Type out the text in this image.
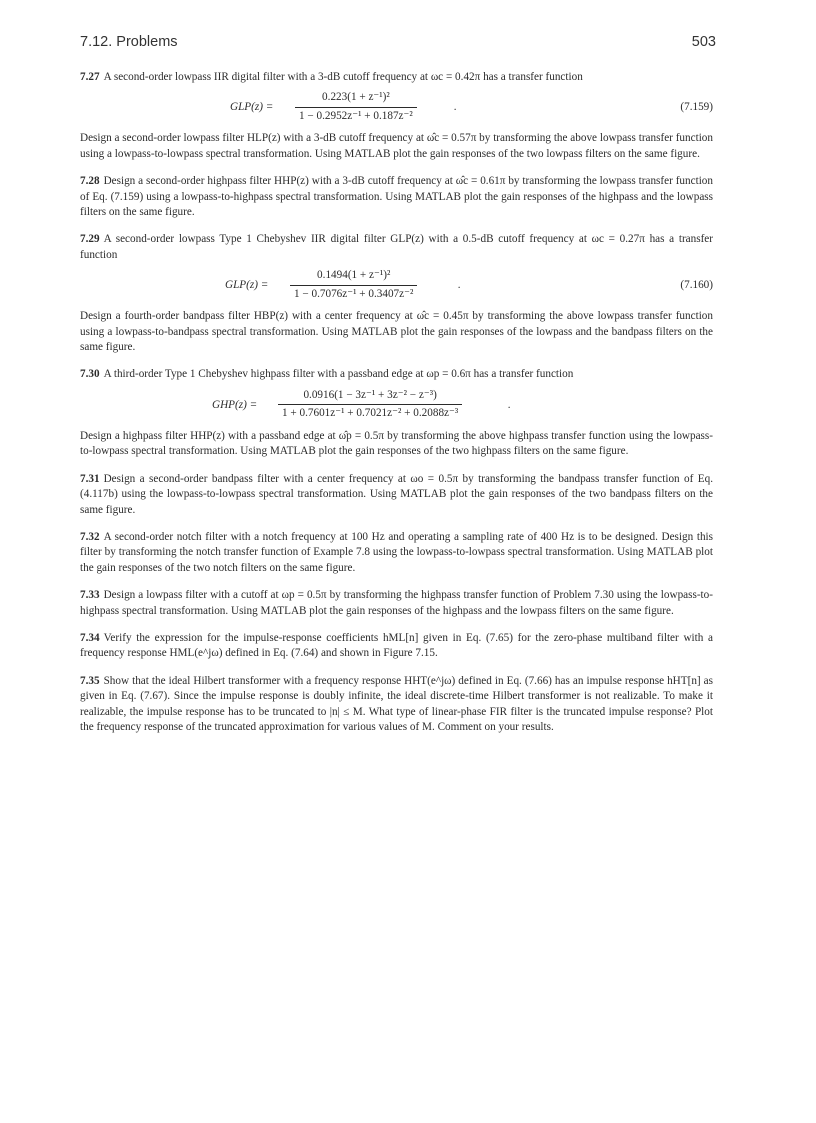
7.12. Problems	503

7.27 A second-order lowpass IIR digital filter with a 3-dB cutoff frequency at ωc = 0.42π has a transfer function

$GLP(z) = \frac{\text{0.223(1 + z⁻¹)²}}{\text{1 − 0.2952z⁻¹ + 0.187z⁻²}}$	.	(7.159)

Design a second-order lowpass filter HLP(z) with a 3-dB cutoff frequency at ω̂c = 0.57π by transforming the above lowpass transfer function using a lowpass-to-lowpass spectral transformation. Using MATLAB plot the gain responses of the two lowpass filters on the same figure.

7.28 Design a second-order highpass filter HHP(z) with a 3-dB cutoff frequency at ω̂c = 0.61π by transforming the lowpass transfer function of Eq. (7.159) using a lowpass-to-highpass spectral transformation. Using MATLAB plot the gain responses of the highpass and the lowpass filters on the same figure.

7.29 A second-order lowpass Type 1 Chebyshev IIR digital filter GLP(z) with a 0.5-dB cutoff frequency at ωc = 0.27π has a transfer function

$GLP(z) = \frac{\text{0.1494(1 + z⁻¹)²}}{\text{1 − 0.7076z⁻¹ + 0.3407z⁻²}}$	.	(7.160)

Design a fourth-order bandpass filter HBP(z) with a center frequency at ω̂c = 0.45π by transforming the above lowpass transfer function using a lowpass-to-bandpass spectral transformation. Using MATLAB plot the gain responses of the lowpass and the bandpass filters on the same figure.

7.30 A third-order Type 1 Chebyshev highpass filter with a passband edge at ωp = 0.6π has a transfer function

$GHP(z) = \frac{\text{0.0916(1 − 3z⁻¹ + 3z⁻² − z⁻³)}}{\text{1 + 0.7601z⁻¹ + 0.7021z⁻² + 0.2088z⁻³}}$	.

Design a highpass filter HHP(z) with a passband edge at ω̂p = 0.5π by transforming the above highpass transfer function using the lowpass-to-lowpass spectral transformation. Using MATLAB plot the gain responses of the two highpass filters on the same figure.

7.31 Design a second-order bandpass filter with a center frequency at ωo = 0.5π by transforming the bandpass transfer function of Eq. (4.117b) using the lowpass-to-lowpass spectral transformation. Using MATLAB plot the gain responses of the two bandpass filters on the same figure.

7.32 A second-order notch filter with a notch frequency at 100 Hz and operating a sampling rate of 400 Hz is to be designed. Design this filter by transforming the notch transfer function of Example 7.8 using the lowpass-to-lowpass spectral transformation. Using MATLAB plot the gain responses of the two notch filters on the same figure.

7.33 Design a lowpass filter with a cutoff at ωp = 0.5π by transforming the highpass transfer function of Problem 7.30 using the lowpass-to-highpass spectral transformation. Using MATLAB plot the gain responses of the highpass and the lowpass filters on the same figure.

7.34 Verify the expression for the impulse-response coefficients hML[n] given in Eq. (7.65) for the zero-phase multiband filter with a frequency response HML(e^jω) defined in Eq. (7.64) and shown in Figure 7.15.

7.35 Show that the ideal Hilbert transformer with a frequency response HHT(e^jω) defined in Eq. (7.66) has an impulse response hHT[n] as given in Eq. (7.67). Since the impulse response is doubly infinite, the ideal discrete-time Hilbert transformer is not realizable. To make it realizable, the impulse response has to be truncated to |n| ≤ M. What type of linear-phase FIR filter is the truncated impulse response? Plot the frequency response of the truncated approximation for various values of M. Comment on your results.
